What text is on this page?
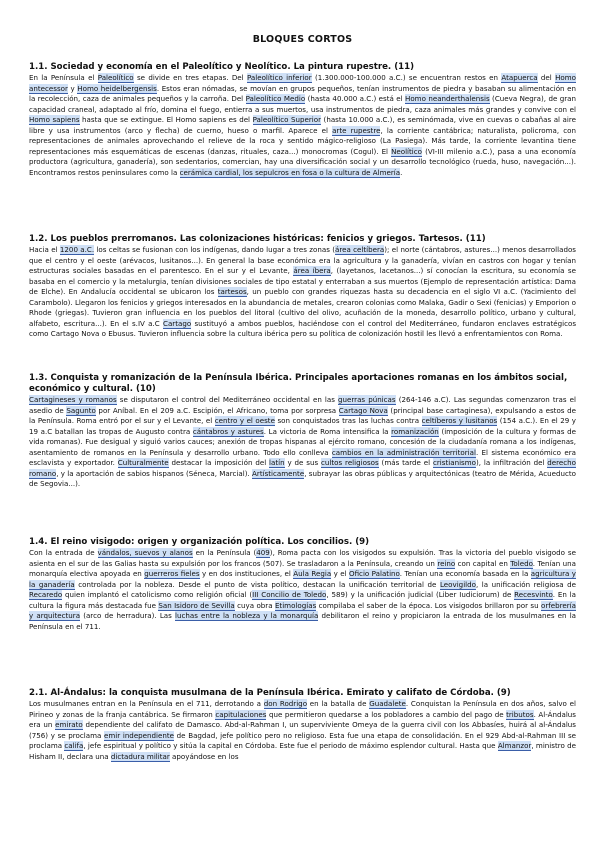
BLOQUES CORTOS

1.1. Sociedad y economía en el Paleolítico y Neolítico. La pintura rupestre. (11)

En la Península el Paleolítico se divide en tres etapas. Del Paleolítico inferior (1.300.000-100.000 a.C.) se encuentran restos en Atapuerca del Homo antecessor y Homo heidelbergensis. Estos eran nómadas, se movían en grupos pequeños, tenían instrumentos de piedra y basaban su alimentación en la recolección, caza de animales pequeños y la carroña. Del Paleolítico Medio (hasta 40.000 a.C.) está el Homo neanderthalensis (Cueva Negra), de gran capacidad craneal, adaptado al frío, domina el fuego, entierra a sus muertos, usa instrumentos de piedra, caza animales más grandes y convive con el Homo sapiens hasta que se extingue. El Homo sapiens es del Paleolítico Superior (hasta 10.000 a.C.), es seminómada, vive en cuevas o cabañas al aire libre y usa instrumentos (arco y flecha) de cuerno, hueso o marfil. Aparece el arte rupestre, la corriente cantábrica; naturalista, policroma, con representaciones de animales aprovechando el relieve de la roca y sentido mágico-religioso (La Pasiega). Más tarde, la corriente levantina tiene representaciones más esquemáticas de escenas (danzas, rituales, caza...) monocromas (Cogul). El Neolítico (VI-III milenio a.C.), pasa a una economía productora (agricultura, ganadería), son sedentarios, comercian, hay una diversificación social y un desarrollo tecnológico (rueda, huso, navegación...). Encontramos restos peninsulares como la cerámica cardial, los sepulcros en fosa o la cultura de Almería.

1.2. Los pueblos prerromanos. Las colonizaciones históricas: fenicios y griegos. Tartesos. (11)

Hacia el 1200 a.C. los celtas se fusionan con los indígenas, dando lugar a tres zonas (área celtíbera); el norte (cántabros, astures...) menos desarrollados que el centro y el oeste (arévacos, lusitanos...). En general la base económica era la agricultura y la ganadería, vivían en castros con hogar y tenían estructuras sociales basadas en el parentesco. En el sur y el Levante, área íbera, (layetanos, lacetanos...) sí conocían la escritura, su economía se basaba en el comercio y la metalurgia, tenían divisiones sociales de tipo estatal y enterraban a sus muertos (Ejemplo de representación artística: Dama de Elche). En Andalucía occidental se ubicaron los tartesos, un pueblo con grandes riquezas hasta su decadencia en el siglo VI a.C. (Yacimiento del Carambolo). Llegaron los fenicios y griegos interesados en la abundancia de metales, crearon colonias como Malaka, Gadir o Sexi (fenicias) y Emporion o Rhode (griegas). Tuvieron gran influencia en los pueblos del litoral (cultivo del olivo, acuñación de la moneda, desarrollo político, urbano y cultural, alfabeto, escritura...). En el s.IV a.C Cartago sustituyó a ambos pueblos, haciéndose con el control del Mediterráneo, fundaron enclaves estratégicos como Cartago Nova o Ebusus. Tuvieron influencia sobre la cultura ibérica pero su política de colonización hostil les llevó a enfrentamientos con Roma.

1.3. Conquista y romanización de la Península Ibérica. Principales aportaciones romanas en los ámbitos social, económico y cultural. (10)

Cartagineses y romanos se disputaron el control del Mediterráneo occidental en las guerras púnicas (264-146 a.C). Las segundas comenzaron tras el asedio de Sagunto por Aníbal. En el 209 a.C. Escipión, el Africano, toma por sorpresa Cartago Nova (principal base cartaginesa), expulsando a estos de la Península. Roma entró por el sur y el Levante, el centro y el oeste son conquistados tras las luchas contra celtíberos y lusitanos (154 a.C.). En el 29 y 19 a.C batallan las tropas de Augusto contra cántabros y astures. La victoria de Roma intensifica la romanización (imposición de la cultura y formas de vida romanas). Fue desigual y siguió varios cauces; anexión de tropas hispanas al ejército romano, concesión de la ciudadanía romana a los indígenas, asentamiento de romanos en la Península y desarrollo urbano. Todo ello conlleva cambios en la administración territorial. El sistema económico era esclavista y exportador. Culturalmente destacar la imposición del latín y de sus cultos religiosos (más tarde el cristianismo), la infiltración del derecho romano, y la aportación de sabios hispanos (Séneca, Marcial). Artísticamente, subrayar las obras públicas y arquitectónicas (teatro de Mérida, Acueducto de Segovia...).

1.4. El reino visigodo: origen y organización política. Los concilios. (9)

Con la entrada de vándalos, suevos y alanos en la Península (409), Roma pacta con los visigodos su expulsión. Tras la victoria del pueblo visigodo se asienta en el sur de las Galias hasta su expulsión por los francos (507). Se trasladaron a la Península, creando un reino con capital en Toledo. Tenían una monarquía electiva apoyada en guerreros fieles y en dos instituciones, el Aula Regia y el Oficio Palatino. Tenían una economía basada en la agricultura y la ganadería controlada por la nobleza. Desde el punto de vista político, destacan la unificación territorial de Leovigildo, la unificación religiosa de Recaredo quien implantó el catolicismo como religión oficial (III Concilio de Toledo, 589) y la unificación judicial (Liber Iudiciorum) de Recesvinto. En la cultura la figura más destacada fue San Isidoro de Sevilla cuya obra Etimologías compilaba el saber de la época. Los visigodos brillaron por su orfebrería y arquitectura (arco de herradura). Las luchas entre la nobleza y la monarquía debilitaron el reino y propiciaron la entrada de los musulmanes en la Península en el 711.

2.1. Al-Ándalus: la conquista musulmana de la Península Ibérica. Emirato y califato de Córdoba. (9)

Los musulmanes entran en la Península en el 711, derrotando a don Rodrigo en la batalla de Guadalete. Conquistan la Península en dos años, salvo el Pirineo y zonas de la franja cantábrica. Se firmaron capitulaciones que permitieron quedarse a los pobladores a cambio del pago de tributos. Al-Ándalus era un emirato dependiente del califato de Damasco. Abd-al-Rahman I, un superviviente Omeya de la guerra civil con los Abbasíes, huirá al al-Ándalus (756) y se proclama emir independiente de Bagdad, jefe político pero no religioso. Esta fue una etapa de consolidación. En el 929 Abd-al-Rahman III se proclama califa, jefe espiritual y político y sitúa la capital en Córdoba. Este fue el periodo de máximo esplendor cultural. Hasta que Almanzor, ministro de Hisham II, declara una dictadura militar apoyándose en los
